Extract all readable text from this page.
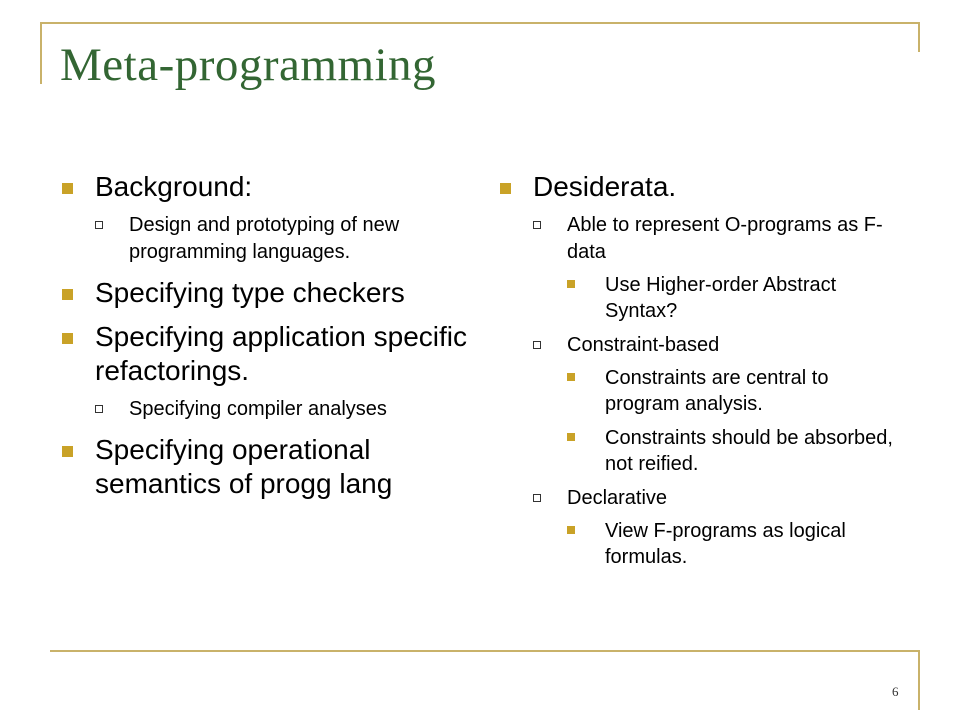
Meta-programming
Background:
Design and prototyping of new programming languages.
Specifying type checkers
Specifying application specific refactorings.
Specifying compiler analyses
Specifying operational semantics of progg lang
Desiderata.
Able to represent O-programs as F-data
Use Higher-order Abstract Syntax?
Constraint-based
Constraints are central to program analysis.
Constraints should be absorbed, not reified.
Declarative
View F-programs as logical formulas.
6
